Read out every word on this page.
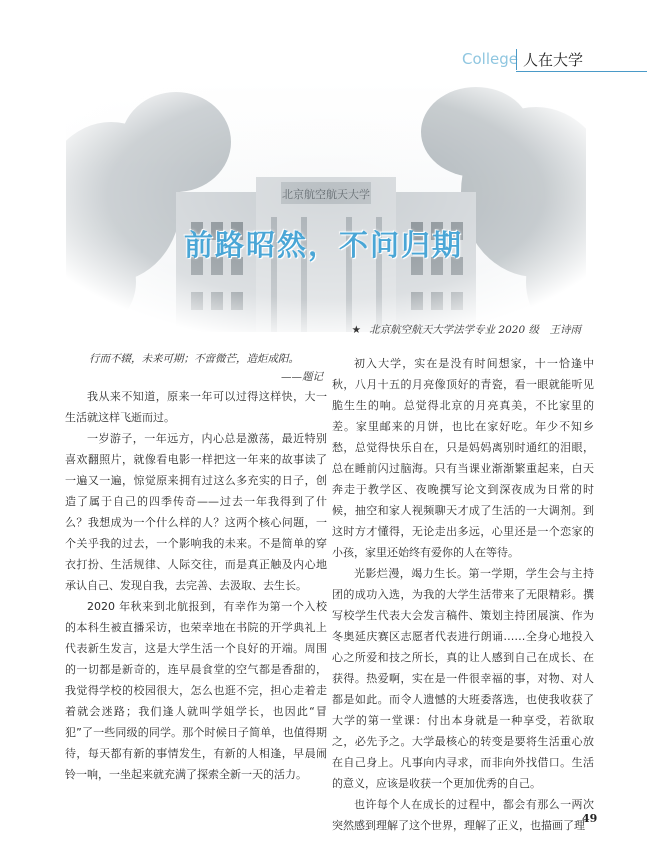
College 人在大学
前路昭然，不问归期
★ 北京航空航天大学法学专业 2020 级　王诗雨
行而不辍，未来可期；不啻微芒，造炬成阳。
——题记

我从来不知道，原来一年可以过得这样快，大一生活就这样飞逝而过。

一岁游子，一年远方，内心总是激荡，最近特别喜欢翻照片，就像看电影一样把这一年来的故事读了一遍又一遍，惊觉原来拥有过这么多充实的日子，创造了属于自己的四季传奇——过去一年我得到了什么？我想成为一个什么样的人？这两个核心问题，一个关乎我的过去，一个影响我的未来。不是简单的穿衣打扮、生活规律、人际交往，而是真正触及内心地承认自己、发现自我，去完善、去汲取、去生长。

2020 年秋来到北航报到，有幸作为第一个入校的本科生被直播采访，也荣幸地在书院的开学典礼上代表新生发言，这是大学生活一个良好的开端。周围的一切都是新奇的，连早晨食堂的空气都是香甜的，我觉得学校的校园很大，怎么也逛不完，担心走着走着就会迷路；我们逢人就叫学姐学长，也因此“冒犯”了一些同级的同学。那个时候日子简单，也值得期待，每天都有新的事情发生，有新的人相逢，早晨闹铃一响，一坐起来就充满了探索全新一天的活力。

初入大学，实在是没有时间想家，十一恰逢中秋，八月十五的月亮像顶好的青瓷，看一眼就能听见脆生生的响。总觉得北京的月亮真美，不比家里的差。家里邮来的月饼，也比在家好吃。年少不知乡愁，总觉得快乐自在，只是妈妈离别时通红的泪眼，总在睡前闪过脑海。只有当课业渐渐繁重起来，白天奔走于教学区、夜晚撰写论文到深夜成为日常的时候，抽空和家人视频聊天才成了生活的一大调剂。到这时方才懂得，无论走出多远，心里还是一个恋家的小孩，家里还始终有爱你的人在等待。

光影烂漫，竭力生长。第一学期，学生会与主持团的成功入选，为我的大学生活带来了无限精彩。撰写校学生代表大会发言稿件、策划主持团展演、作为冬奥延庆赛区志愿者代表进行朗诵……全身心地投入心之所爱和技之所长，真的让人感到自己在成长、在获得。热爱啊，实在是一件很幸福的事，对物、对人都是如此。而令人遗憾的大班委落选，也使我收获了大学的第一堂课：付出本身就是一种享受，若欲取之，必先予之。大学最核心的转变是要将生活重心放在自己身上。凡事向内寻求，而非向外找借口。生活的意义，应该是收获一个更加优秀的自己。

也许每个人在成长的过程中，都会有那么一两次突然感到理解了这个世界，理解了正义，也描画了理

49
